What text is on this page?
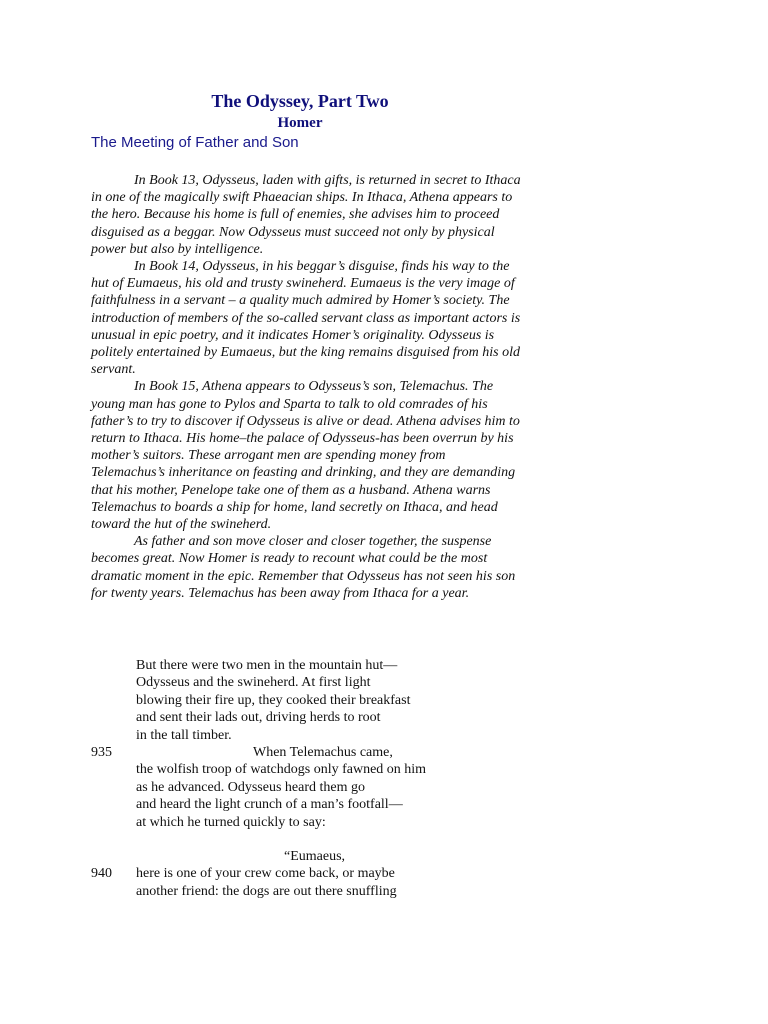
The Odyssey, Part Two
Homer
The Meeting of Father and Son

In Book 13, Odysseus, laden with gifts, is returned in secret to Ithaca in one of the magically swift Phaeacian ships. In Ithaca, Athena appears to the hero. Because his home is full of enemies, she advises him to proceed disguised as a beggar. Now Odysseus must succeed not only by physical power but also by intelligence.

In Book 14, Odysseus, in his beggar’s disguise, finds his way to the hut of Eumaeus, his old and trusty swineherd. Eumaeus is the very image of faithfulness in a servant – a quality much admired by Homer’s society. The introduction of members of the so-called servant class as important actors is unusual in epic poetry, and it indicates Homer’s originality. Odysseus is politely entertained by Eumaeus, but the king remains disguised from his old servant.

In Book 15, Athena appears to Odysseus’s son, Telemachus. The young man has gone to Pylos and Sparta to talk to old comrades of his father’s to try to discover if Odysseus is alive or dead. Athena advises him to return to Ithaca. His home–the palace of Odysseus-has been overrun by his mother’s suitors. These arrogant men are spending money from Telemachus’s inheritance on feasting and drinking, and they are demanding that his mother, Penelope take one of them as a husband. Athena warns Telemachus to boards a ship for home, land secretly on Ithaca, and head toward the hut of the swineherd.

As father and son move closer and closer together, the suspense becomes great. Now Homer is ready to recount what could be the most dramatic moment in the epic. Remember that Odysseus has not seen his son for twenty years. Telemachus has been away from Ithaca for a year.

But there were two men in the mountain hut—
Odysseus and the swineherd. At first light
blowing their fire up, they cooked their breakfast
and sent their lads out, driving herds to root
in the tall timber.
935	When Telemachus came,
the wolfish troop of watchdogs only fawned on him
as he advanced. Odysseus heard them go
and heard the light crunch of a man’s footfall—
at which he turned quickly to say:
“Eumaeus,
940 here is one of your crew come back, or maybe
another friend: the dogs are out there snuffling
